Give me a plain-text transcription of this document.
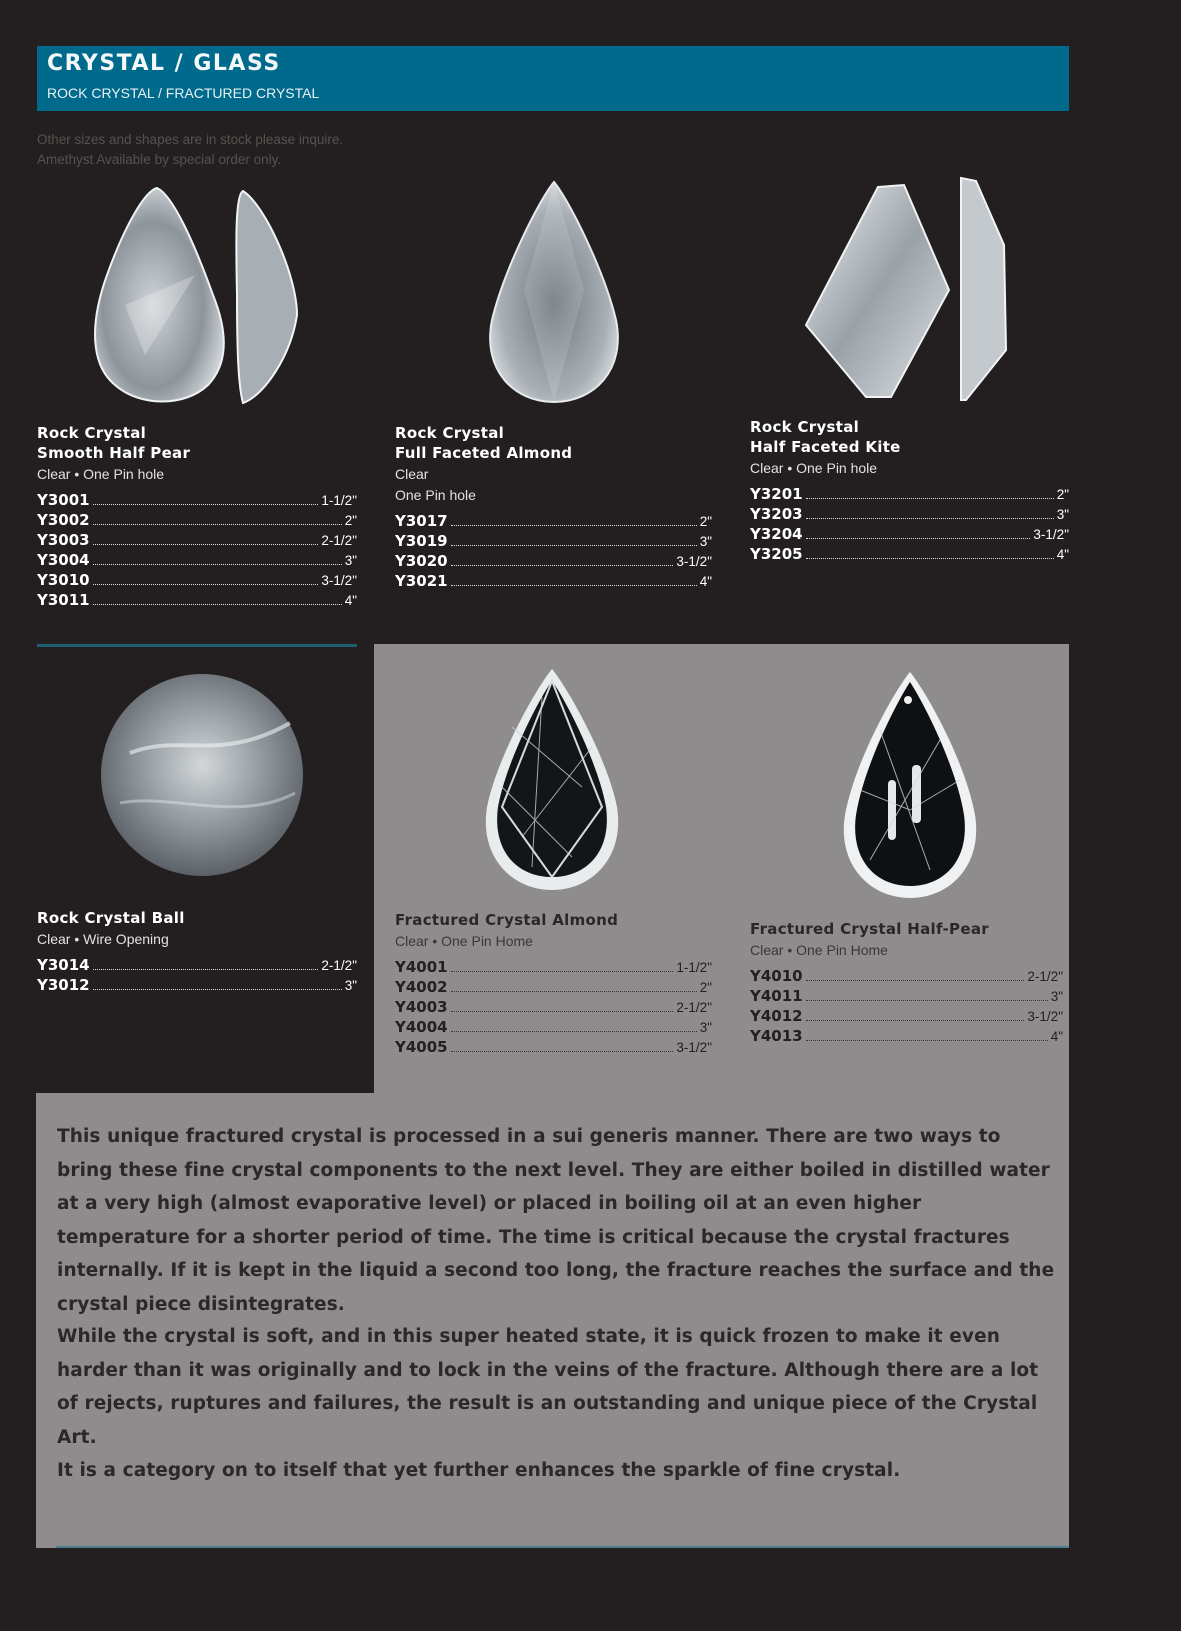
CRYSTAL / GLASS
ROCK CRYSTAL / FRACTURED CRYSTAL
Other sizes and shapes are in stock please inquire.
Amethyst Available by special order only.
Rock Crystal
Smooth Half Pear
Clear • One Pin hole
Y3001	1-1/2"
Y3002	2"
Y3003	2-1/2"
Y3004	3"
Y3010	3-1/2"
Y3011	4"
Rock Crystal
Full Faceted Almond
Clear
One Pin hole
Y3017	2"
Y3019	3"
Y3020	3-1/2"
Y3021	4"
Rock Crystal
Half Faceted Kite
Clear • One Pin hole
Y3201	2"
Y3203	3"
Y3204	3-1/2"
Y3205	4"
Rock Crystal Ball
Clear • Wire Opening
Y3014	2-1/2"
Y3012	3"
Fractured Crystal Almond
Clear • One Pin Home
Y4001	1-1/2"
Y4002	2"
Y4003	2-1/2"
Y4004	3"
Y4005	3-1/2"
Fractured Crystal Half-Pear
Clear • One Pin Home
Y4010	2-1/2"
Y4011	3"
Y4012	3-1/2"
Y4013	4"
This unique fractured crystal is processed in a sui generis manner. There are two ways to bring these fine crystal components to the next level. They are either boiled in distilled water at a very high (almost evaporative level) or placed in boiling oil at an even higher temperature for a shorter period of time. The time is critical because the crystal fractures internally. If it is kept in the liquid a second too long, the fracture reaches the surface and the crystal piece disintegrates.
While the crystal is soft, and in this super heated state, it is quick frozen to make it even harder than it was originally and to lock in the veins of the fracture. Although there are a lot of rejects, ruptures and failures, the result is an outstanding and unique piece of the Crystal Art.
It is a category on to itself that yet further enhances the sparkle of fine crystal.
